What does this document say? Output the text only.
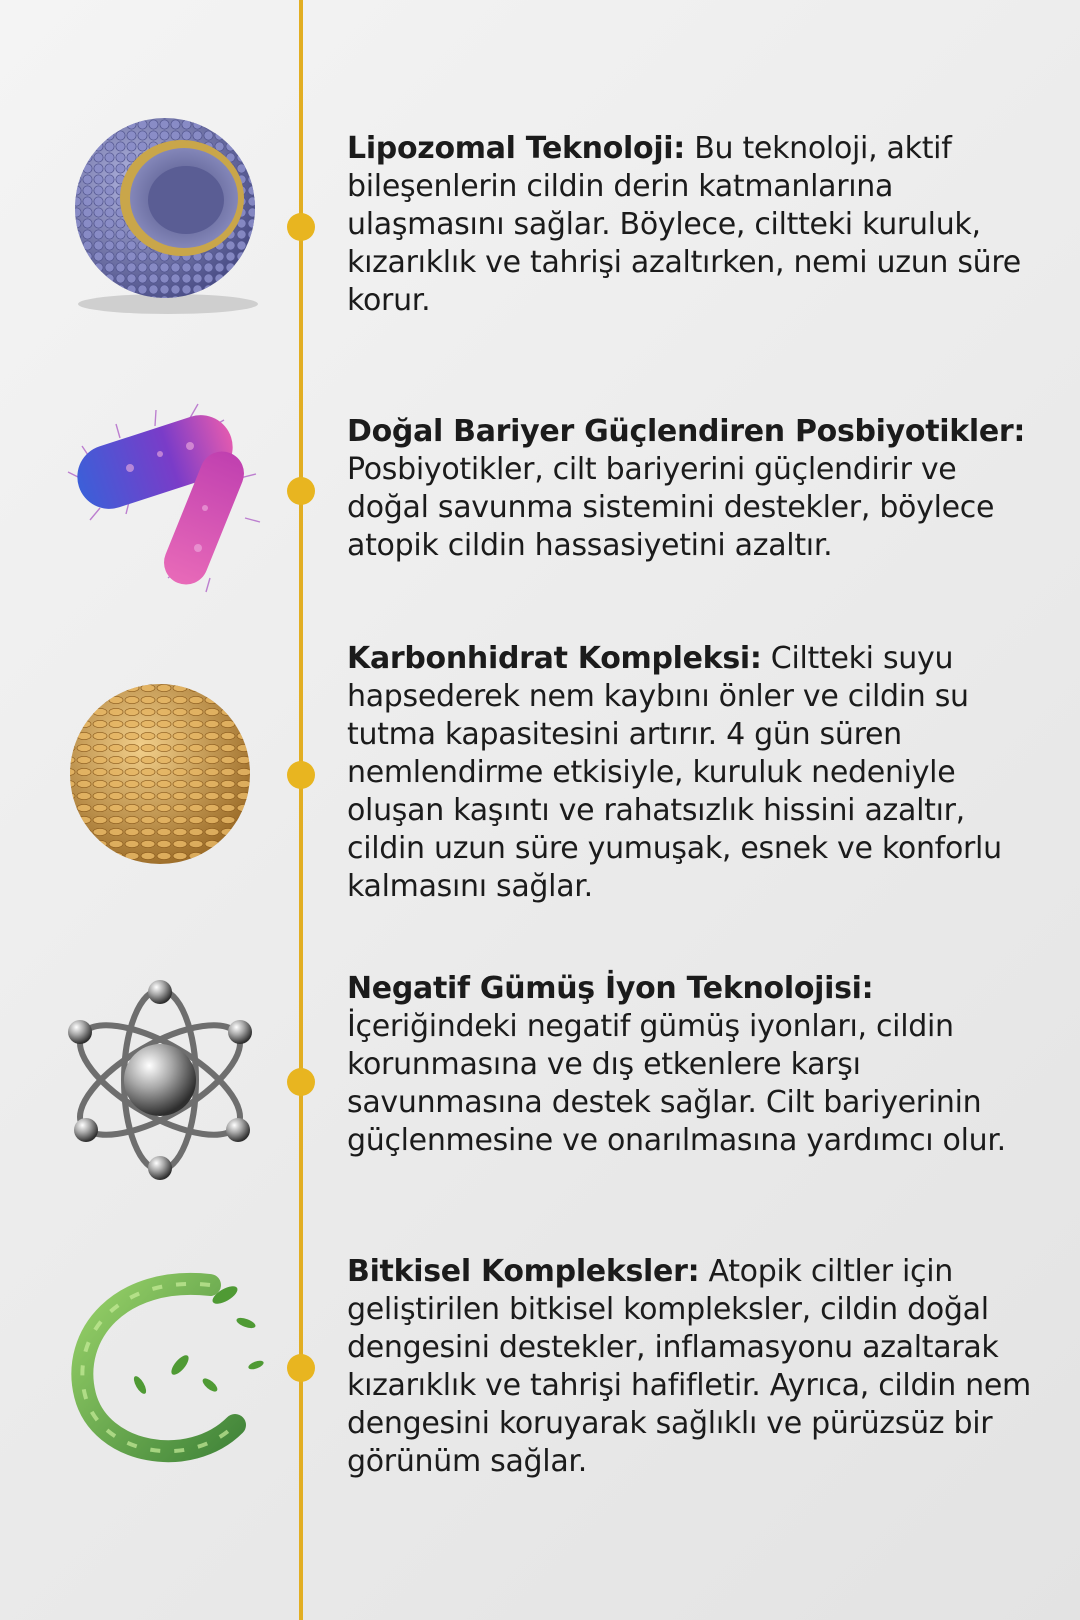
Lipozomal Teknoloji: Bu teknoloji, aktif bileşenlerin cildin derin katmanlarına ulaşmasını sağlar. Böylece, ciltteki kuruluk, kızarıklık ve tahrişi azaltırken, nemi uzun süre korur.
Doğal Bariyer Güçlendiren Posbiyotikler: Posbiyotikler, cilt bariyerini güçlendirir ve doğal savunma sistemini destekler, böylece atopik cildin hassasiyetini azaltır.
Karbonhidrat Kompleksi: Ciltteki suyu hapsederek nem kaybını önler ve cildin su tutma kapasitesini artırır. 4 gün süren nemlendirme etkisiyle, kuruluk nedeniyle oluşan kaşıntı ve rahatsızlık hissini azaltır, cildin uzun süre yumuşak, esnek ve konforlu kalmasını sağlar.
Negatif Gümüş İyon Teknolojisi: İçeriğindeki negatif gümüş iyonları, cildin korunmasına ve dış etkenlere karşı savunmasına destek sağlar. Cilt bariyerinin güçlenmesine ve onarılmasına yardımcı olur.
Bitkisel Kompleksler: Atopik ciltler için geliştirilen bitkisel kompleksler, cildin doğal dengesini destekler, inflamasyonu azaltarak kızarıklık ve tahrişi hafifletir. Ayrıca, cildin nem dengesini koruyarak sağlıklı ve pürüzsüz bir görünüm sağlar.
